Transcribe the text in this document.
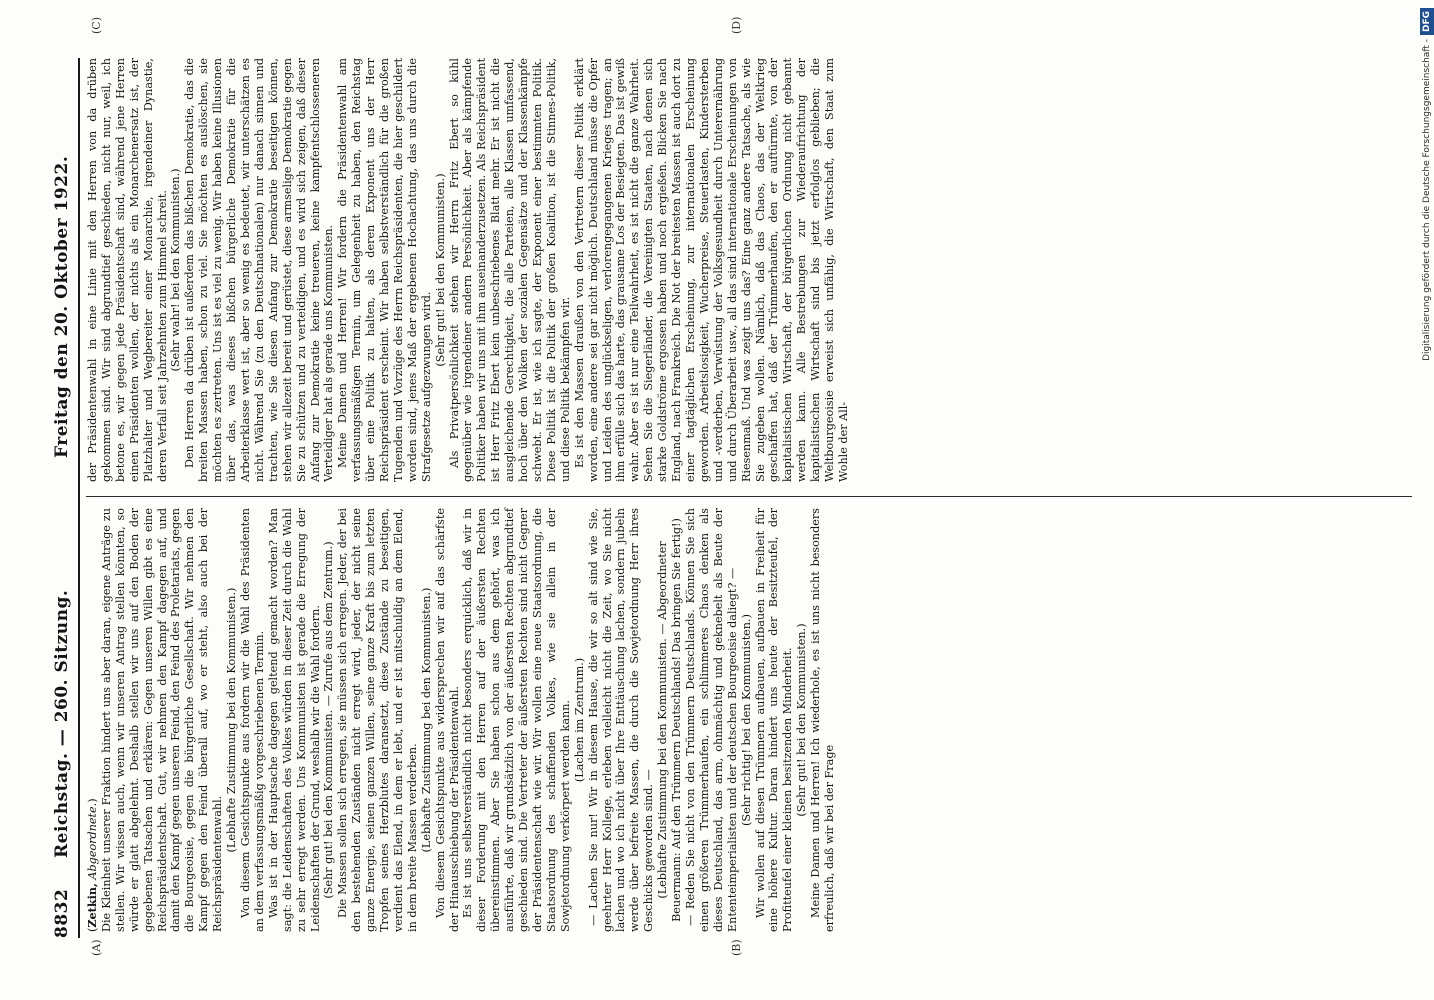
8832
Reichstag. — 260. Sitzung.
Freitag den 20. Oktober 1922.
(A)	(B)
(C)	(D)

(Zetkin, Abgeordnete.) Die Kleinheit unserer Fraktion hindert uns aber daran, eigene Anträge zu stellen. Wir wissen auch, wenn wir unseren Antrag stellen könnten, so würde er glatt abgelehnt. Deshalb stellen wir uns auf den Boden der gegebenen Tatsachen und erklären: Gegen unseren Willen gibt es eine Reichspräsidentschaft. Gut, wir nehmen den Kampf dagegen auf, und damit den Kampf gegen unseren Feind, den Feind des Proletariats, gegen die Bourgeoisie, gegen die bürgerliche Gesellschaft. Wir nehmen den Kampf gegen den Feind überall auf, wo er steht, also auch bei der Reichspräsidentenwahl.

(Lebhafte Zustimmung bei den Kommunisten.) Von diesem Gesichtspunkte aus fordern wir die Wahl des Präsidenten an dem verfassungsmäßig vorgeschriebenen Termin. Was ist in der Hauptsache dagegen geltend gemacht worden? Man sagt: die Leidenschaften des Volkes würden in dieser Zeit durch die Wahl zu sehr erregt werden. Uns Kommunisten ist gerade die Erregung der Leidenschaften der Grund, weshalb wir die Wahl fordern. (Sehr gut! bei den Kommunisten. — Zurufe aus dem Zentrum.) Die Massen sollen sich erregen, sie müssen sich erregen. Jeder, der bei den bestehenden Zuständen nicht erregt wird, jeder, der nicht seine ganze Energie, seinen ganzen Willen, seine ganze Kraft bis zum letzten Tropfen seines Herzblutes daransetzt, diese Zustände zu beseitigen, verdient das Elend, in dem er lebt, und er ist mitschuldig an dem Elend, in dem breite Massen verderben. (Lebhafte Zustimmung bei den Kommunisten.) Von diesem Gesichtspunkte aus widersprechen wir auf das schärfste der Hinausschiebung der Präsidentenwahl. Es ist uns selbstverständlich nicht besonders erquicklich, daß wir in dieser Forderung mit den Herren auf der äußersten Rechten übereinstimmen. Aber Sie haben schon aus dem gehört, was ich ausführte, daß wir grundsätzlich von der äußersten Rechten abgrundtief geschieden sind. Die Vertreter der äußersten Rechten sind nicht Gegner der Präsidentenschaft wie wir. Wir wollen eine neue Staatsordnung, die Staatsordnung des schaffenden Volkes, wie sie allein in der Sowjetordnung verkörpert werden kann. (Lachen im Zentrum.) — Lachen Sie nur! Wir in diesem Hause, die wir so alt sind wie Sie, geehrter Herr Kollege, erleben vielleicht nicht die Zeit, wo Sie nicht lachen und wo ich nicht über Ihre Enttäuschung lachen, sondern jubeln werde über befreite Massen, die durch die Sowjetordnung Herr ihres Geschicks geworden sind. — (Lebhafte Zustimmung bei den Kommunisten. — Abgeordneter Beuermann: Auf den Trümmern Deutschlands! Das bringen Sie fertig!) — Reden Sie nicht von den Trümmern Deutschlands. Können Sie sich einen größeren Trümmerhaufen, ein schlimmeres Chaos denken als dieses Deutschland, das arm, ohnmächtig und geknebelt als Beute der Ententeimperialisten und der deutschen Bourgeoisie daliegt? — (Sehr richtig! bei den Kommunisten.) Wir wollen auf diesen Trümmern aufbauen, aufbauen in Freiheit für eine höhere Kultur. Daran hindert uns heute der Besitzteufel, der Profitteufel einer kleinen besitzenden Minderheit. (Sehr gut! bei den Kommunisten.) Meine Damen und Herren! Ich wiederhole, es ist uns nicht besonders erfreulich, daß wir bei der Frage

der Präsidentenwahl in eine Linie mit den Herren von da drüben gekommen sind. Wir sind abgrundtief geschieden, nicht nur, weil, ich betone es, wir gegen jede Präsidentschaft sind, während jene Herren einen Präsidenten wollen, der nichts als ein Monarchenersatz ist, der Platzhalter und Wegbereiter einer Monarchie, irgendeiner Dynastie, deren Verfall seit Jahrzehnten zum Himmel schreit. (Sehr wahr! bei den Kommunisten.) Den Herren da drüben ist außerdem das bißchen Demokratie, das die breiten Massen haben, schon zu viel. Sie möchten es auslöschen, sie möchten es zertreten. Uns ist es viel zu wenig. Wir haben keine Illusionen über das, was dieses bißchen bürgerliche Demokratie für die Arbeiterklasse wert ist, aber so wenig es bedeutet, wir unterschätzen es nicht. Während Sie (zu den Deutschnationalen) nur danach sinnen und trachten, wie Sie diesen Anfang zur Demokratie beseitigen können, stehen wir allezeit bereit und gerüstet, diese armselige Demokratie gegen Sie zu schützen und zu verteidigen, und es wird sich zeigen, daß dieser Anfang zur Demokratie keine treueren, keine kampfentschlosseneren Verteidiger hat als gerade uns Kommunisten. Meine Damen und Herren! Wir fordern die Präsidentenwahl am verfassungsmäßigen Termin, um Gelegenheit zu haben, den Reichstag über eine Politik zu halten, als deren Exponent uns der Herr Reichspräsident erscheint. Wir haben selbstverständlich für die großen Tugenden und Vorzüge des Herrn Reichspräsidenten, die hier geschildert worden sind, jenes Maß der ergebenen Hochachtung, das uns durch die Strafgesetze aufgezwungen wird.

(Sehr gut! bei den Kommunisten.) Als Privatpersönlichkeit stehen wir Herrn Fritz Ebert so kühl gegenüber wie irgendeiner andern Persönlichkeit. Aber als kämpfende Politiker haben wir uns mit ihm auseinanderzusetzen. Als Reichspräsident ist Herr Fritz Ebert kein unbeschriebenes Blatt mehr. Er ist nicht die ausgleichende Gerechtigkeit, die alle Parteien, alle Klassen umfassend, hoch über den Wolken der sozialen Gegensätze und der Klassenkämpfe schwebt. Er ist, wie ich sagte, der Exponent einer bestimmten Politik. Diese Politik ist die Politik der großen Koalition, ist die Stinnes-Politik, und diese Politik bekämpfen wir. Es ist den Massen draußen von den Vertretern dieser Politik erklärt worden, eine andere sei gar nicht möglich. Deutschland müsse die Opfer und Leiden des unglückseligen, verlorengegangenen Krieges tragen; an ihm erfülle sich das harte, das grausame Los der Besiegten. Das ist gewiß wahr. Aber es ist nur eine Teilwahrheit, es ist nicht die ganze Wahrheit. Sehen Sie die Siegerländer, die Vereinigten Staaten, nach denen sich starke Goldströme ergossen haben und noch ergießen. Blicken Sie nach England, nach Frankreich. Die Not der breitesten Massen ist auch dort zu einer tagtäglichen Erscheinung, zur internationalen Erscheinung geworden. Arbeitslosigkeit, Wucherpreise, Steuerlasten, Kindersterben und -verderben, Verwüstung der Volksgesundheit durch Unterernährung und durch Überarbeit usw., all das sind internationale Erscheinungen von Riesenmaß. Und was zeigt uns das? Eine ganz andere Tatsache, als wie Sie zugeben wollen. Nämlich, daß das Chaos, das der Weltkrieg geschaffen hat, daß der Trümmerhaufen, den er auftürmte, von der kapitalistischen Wirtschaft, der bürgerlichen Ordnung nicht gebannt werden kann. Alle Bestrebungen zur Wiederaufrichtung der kapitalistischen Wirtschaft sind bis jetzt erfolglos geblieben; die Weltbourgeoisie erweist sich unfähig, die Wirtschaft, den Staat zum Wohle der All-

Digitalisierung gefördert durch die Deutsche Forschungsgemeinschaft -DFG
